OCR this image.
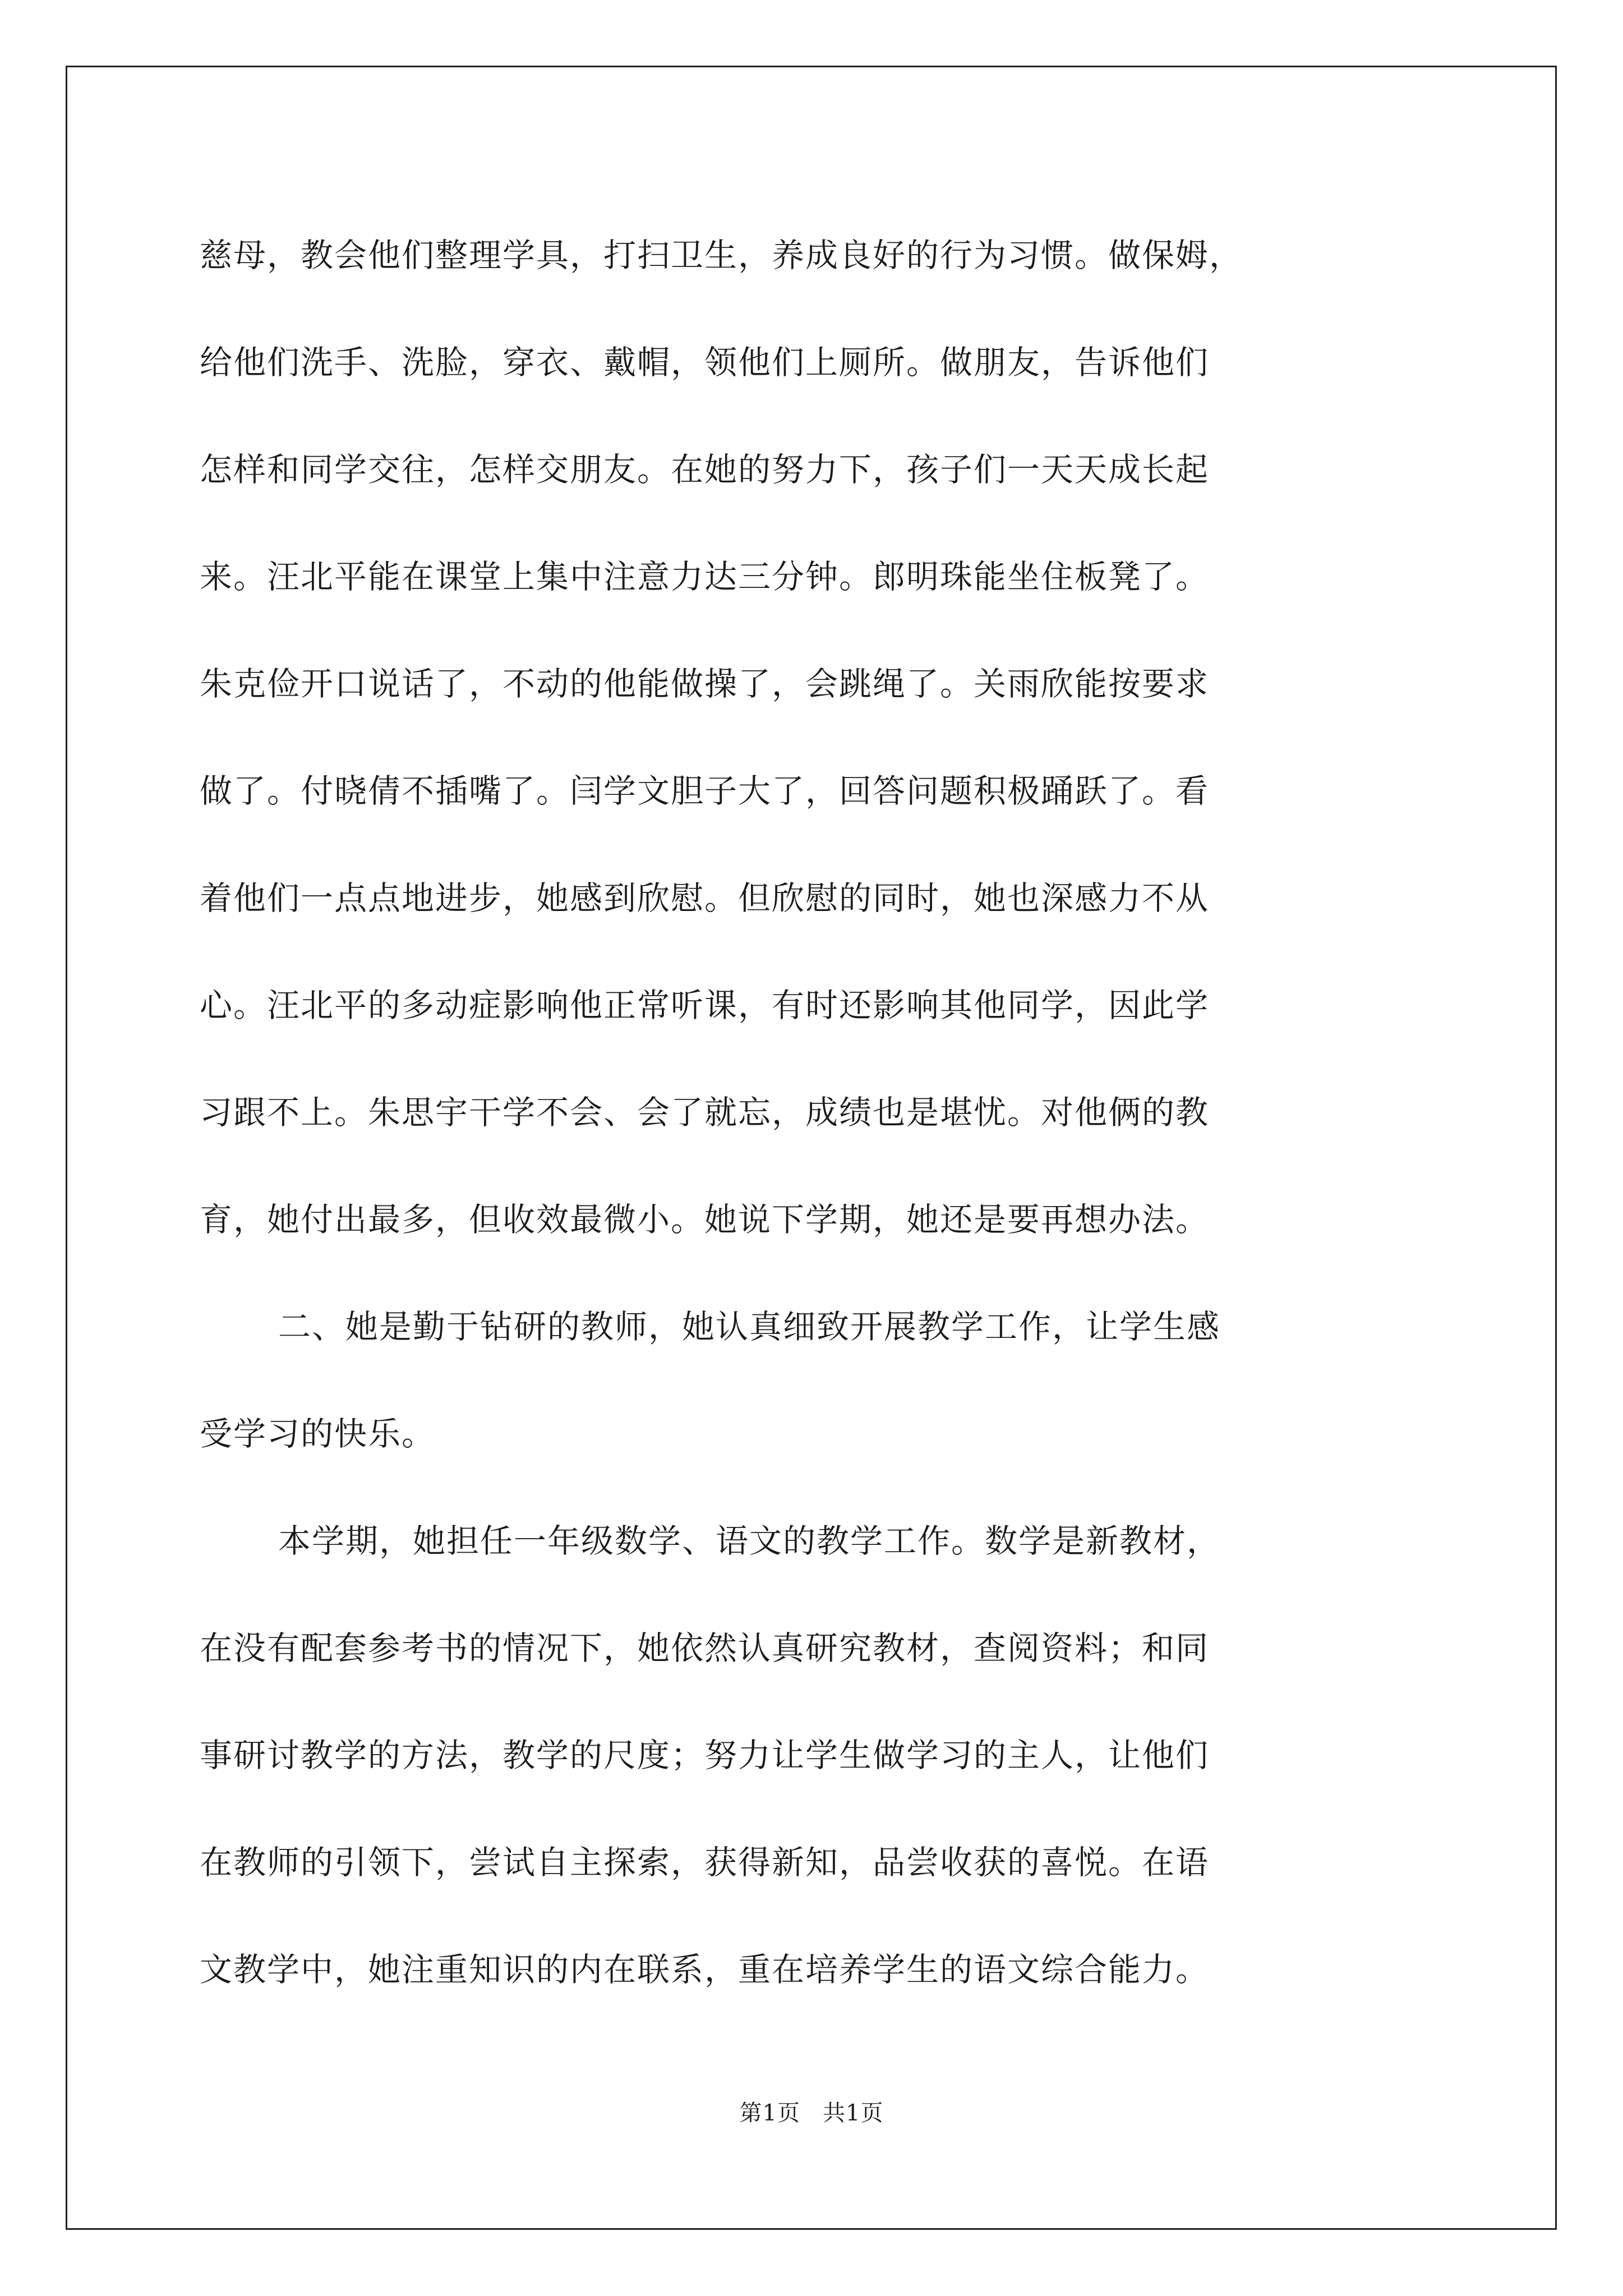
慈母，教会他们整理学具，打扫卫生，养成良好的行为习惯。做保姆，
给他们洗手、洗脸，穿衣、戴帽，领他们上厕所。做朋友，告诉他们
怎样和同学交往，怎样交朋友。在她的努力下，孩子们一天天成长起
来。汪北平能在课堂上集中注意力达三分钟。郎明珠能坐住板凳了。
朱克俭开口说话了，不动的他能做操了，会跳绳了。关雨欣能按要求
做了。付晓倩不插嘴了。闫学文胆子大了，回答问题积极踊跃了。看
着他们一点点地进步，她感到欣慰。但欣慰的同时，她也深感力不从
心。汪北平的多动症影响他正常听课，有时还影响其他同学，因此学
习跟不上。朱思宇干学不会、会了就忘，成绩也是堪忧。对他俩的教
育，她付出最多，但收效最微小。她说下学期，她还是要再想办法。
二、她是勤于钻研的教师，她认真细致开展教学工作，让学生感
受学习的快乐。
本学期，她担任一年级数学、语文的教学工作。数学是新教材，
在没有配套参考书的情况下，她依然认真研究教材，查阅资料；和同
事研讨教学的方法，教学的尺度；努力让学生做学习的主人，让他们
在教师的引领下，尝试自主探索，获得新知，品尝收获的喜悦。在语
文教学中，她注重知识的内在联系，重在培养学生的语文综合能力。
第1页 共1页
